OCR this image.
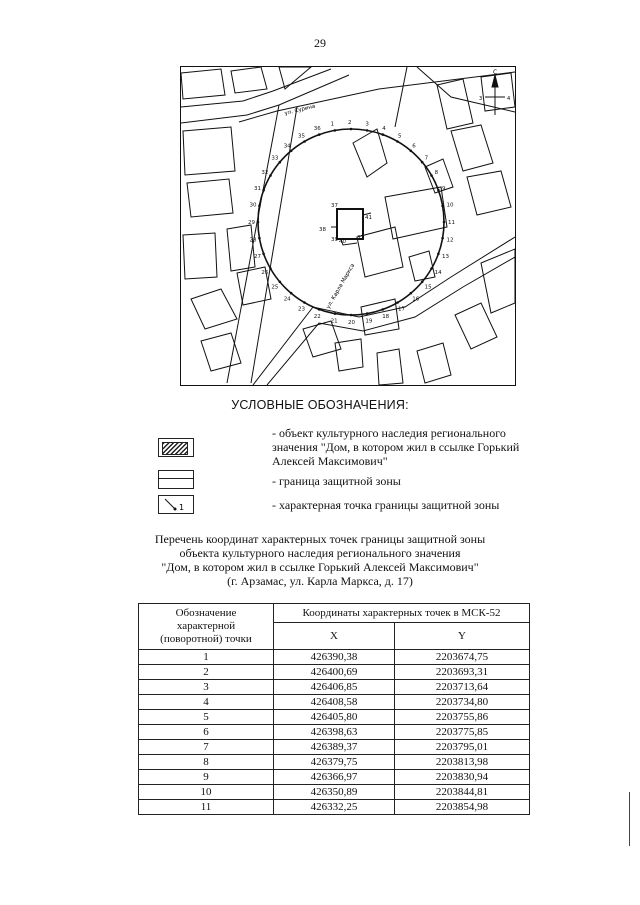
29
1	2	3
4
5
6
7
8
9
10
11
12
13
14
15
16
17
18
19
20
21
22
23
24
25
26
27
28
29
30
31
32
33
34
35
36
37
38
39 40
41
37
С
3	4
ул. Сурина
ул. Карла Маркса
УСЛОВНЫЕ ОБОЗНАЧЕНИЯ:
- объект культурного наследия регионального
значения "Дом, в котором жил в ссылке Горький
Алексей Максимович"
- граница защитной зоны
1	- характерная точка границы защитной зоны
Перечень координат характерных точек границы защитной зоны
объекта культурного наследия регионального значения
"Дом, в котором жил в ссылке Горький Алексей Максимович"
(г. Арзамас, ул. Карла Маркса, д. 17)
Обозначение
характерной
(поворотной) точки	Координаты характерных точек в МСК-52	
	X	Y
1	426390,38	2203674,75
2	426400,69	2203693,31
3	426406,85	2203713,64
4	426408,58	2203734,80
5	426405,80	2203755,86
6	426398,63	2203775,85
7	426389,37	2203795,01
8	426379,75	2203813,98
9	426366,97	2203830,94
10	426350,89	2203844,81
11	426332,25	2203854,98
